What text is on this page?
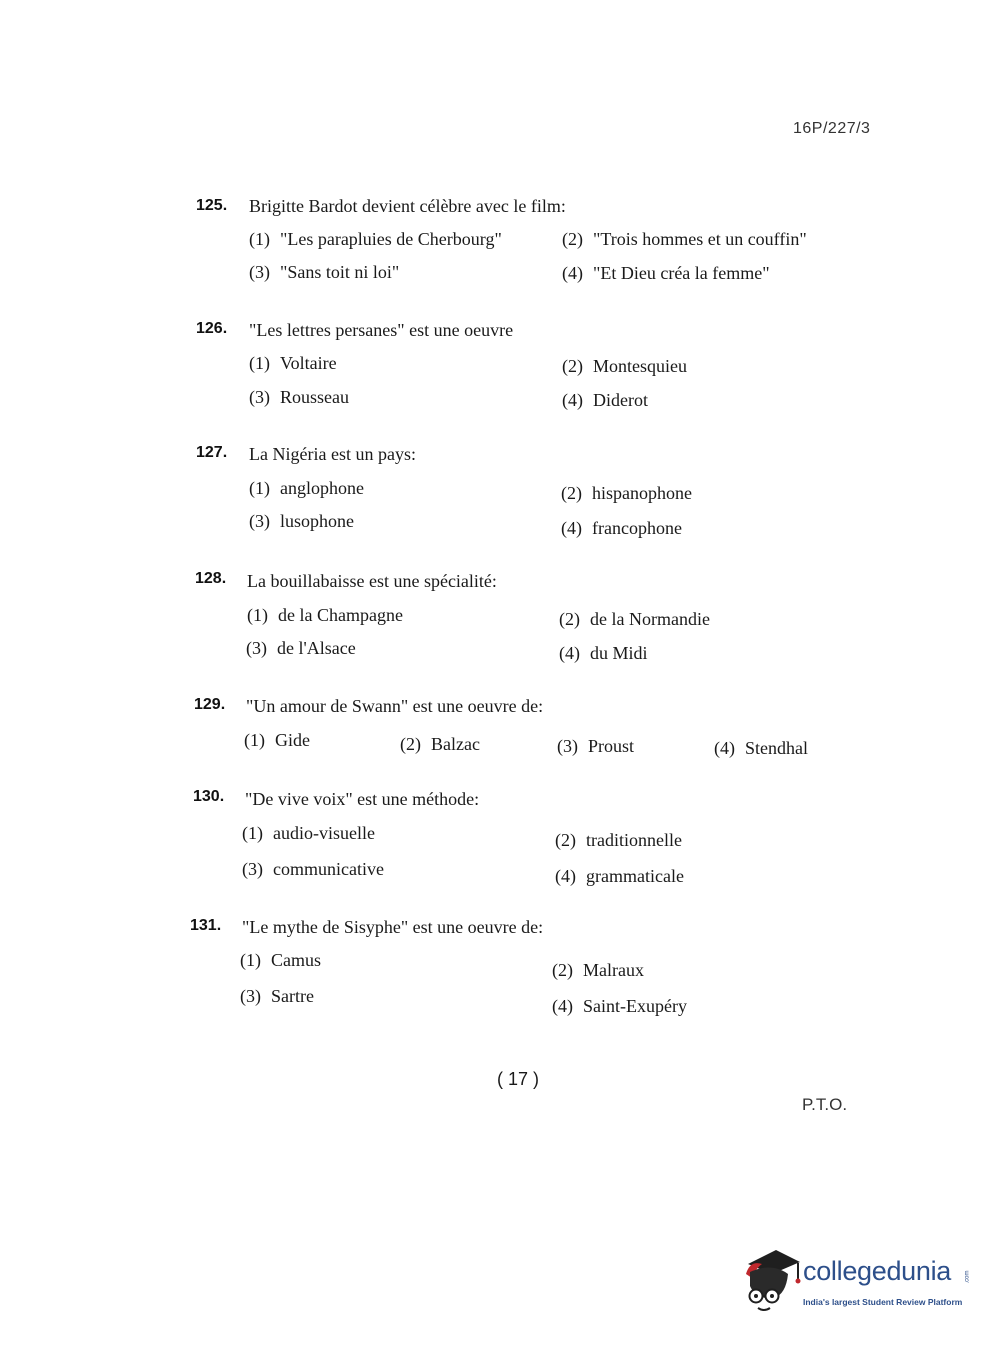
16P/227/3
125. Brigitte Bardot devient célèbre avec le film:
(1) "Les parapluies de Cherbourg"	(2) "Trois hommes et un couffin"
(3) "Sans toit ni loi"	(4) "Et Dieu créa la femme"
126. "Les lettres persanes" est une oeuvre
(1) Voltaire	(2) Montesquieu
(3) Rousseau	(4) Diderot
127. La Nigéria est un pays:
(1) anglophone	(2) hispanophone
(3) lusophone	(4) francophone
128. La bouillabaisse est une spécialité:
(1) de la Champagne	(2) de la Normandie
(3) de l'Alsace	(4) du Midi
129. "Un amour de Swann" est une oeuvre de:
(1) Gide	(2) Balzac	(3) Proust	(4) Stendhal
130. "De vive voix" est une méthode:
(1) audio-visuelle	(2) traditionnelle
(3) communicative	(4) grammaticale
131. "Le mythe de Sisyphe" est une oeuvre de:
(1) Camus	(2) Malraux
(3) Sartre	(4) Saint-Exupéry
( 17 )
P.T.O.
collegedunia .com
India's largest Student Review Platform
